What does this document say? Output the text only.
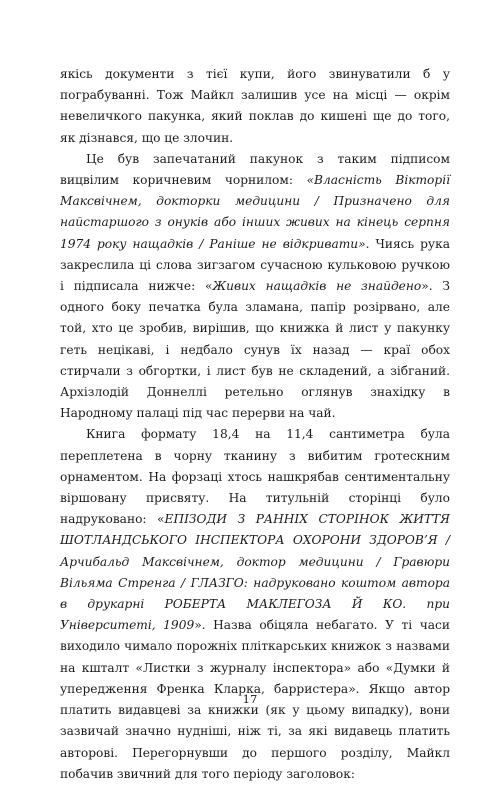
якісь документи з тієї купи, його звинуватили б у пограбуванні. Тож Майкл залишив усе на місці — окрім невеличкого пакунка, який поклав до кишені ще до того, як дізнався, що це злочин.

Це був запечатаний пакунок з таким підписом вицвілим коричневим чорнилом: «Власність Вікторії Максвічнем, докторки медицини / Призначено для найстаршого з онуків або інших живих на кінець серпня 1974 року нащадків / Раніше не відкривати». Чиясь рука закреслила ці слова зигзагом сучасною кульковою ручкою і підписала нижче: «Живих нащадків не знайдено». З одного боку печатка була зламана, папір розірвано, але той, хто це зробив, вирішив, що книжка й лист у пакунку геть нецікаві, і недбало сунув їх назад — краї обох стирчали з обгортки, і лист був не складений, а зібганий. Архізлодій Доннеллі ретельно оглянув знахідку в Народному палаці під час перерви на чай.

Книга формату 18,4 на 11,4 сантиметра була переплетена в чорну тканину з вибитим гротескним орнаментом. На форзаці хтось нашкрябав сентиментальну віршовану присвяту. На титульній сторінці було надруковано: «ЕПІЗОДИ З РАННІХ СТОРІНОК ЖИТТЯ ШОТЛАНДСЬКОГО ІНСПЕКТОРА ОХОРОНИ ЗДОРОВ’Я / Арчибальд Максвічнем, доктор медицини / Гравюри Вільяма Стренга / ГЛАЗГО: надруковано коштом автора в друкарні РОБЕРТА МАКЛЕГОЗА Й КО. при Університеті, 1909». Назва обіцяла небагато. У ті часи виходило чимало порожніх пліткарських книжок з назвами на кшталт «Листки з журналу інспектора» або «Думки й упередження Френка Кларка, барристера». Якщо автор платить видавцеві за книжки (як у цьому випадку), вони зазвичай значно нудніші, ніж ті, за які видавець платить авторові. Перегорнувши до першого розділу, Майкл побачив звичний для того періоду заголовок:

17
